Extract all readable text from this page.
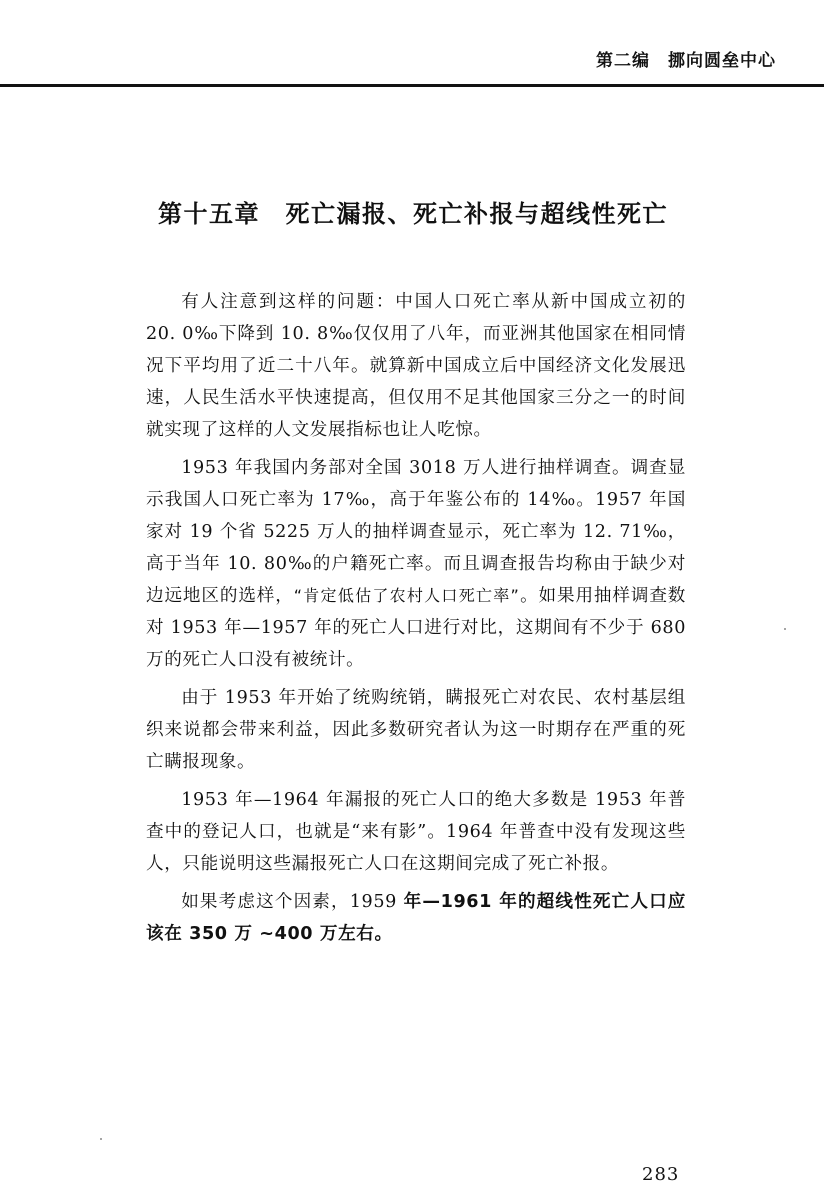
第二编　挪向圆垒中心
第十五章　死亡漏报、死亡补报与超线性死亡

有人注意到这样的问题：中国人口死亡率从新中国成立初的 20. 0‰下降到 10. 8‰仅仅用了八年，而亚洲其他国家在相同情况下平均用了近二十八年。就算新中国成立后中国经济文化发展迅速，人民生活水平快速提高，但仅用不足其他国家三分之一的时间就实现了这样的人文发展指标也让人吃惊。

1953 年我国内务部对全国 3018 万人进行抽样调查。调查显示我国人口死亡率为 17‰，高于年鉴公布的 14‰。1957 年国家对 19 个省 5225 万人的抽样调查显示，死亡率为 12. 71‰，高于当年 10. 80‰的户籍死亡率。而且调查报告均称由于缺少对边远地区的选样，“肯定低估了农村人口死亡率”。如果用抽样调查数对 1953 年—1957 年的死亡人口进行对比，这期间有不少于 680 万的死亡人口没有被统计。

由于 1953 年开始了统购统销，瞒报死亡对农民、农村基层组织来说都会带来利益，因此多数研究者认为这一时期存在严重的死亡瞒报现象。

1953 年—1964 年漏报的死亡人口的绝大多数是 1953 年普查中的登记人口，也就是“来有影”。1964 年普查中没有发现这些人，只能说明这些漏报死亡人口在这期间完成了死亡补报。

如果考虑这个因素，1959 年—1961 年的超线性死亡人口应该在 350 万 ~400 万左右。

283
